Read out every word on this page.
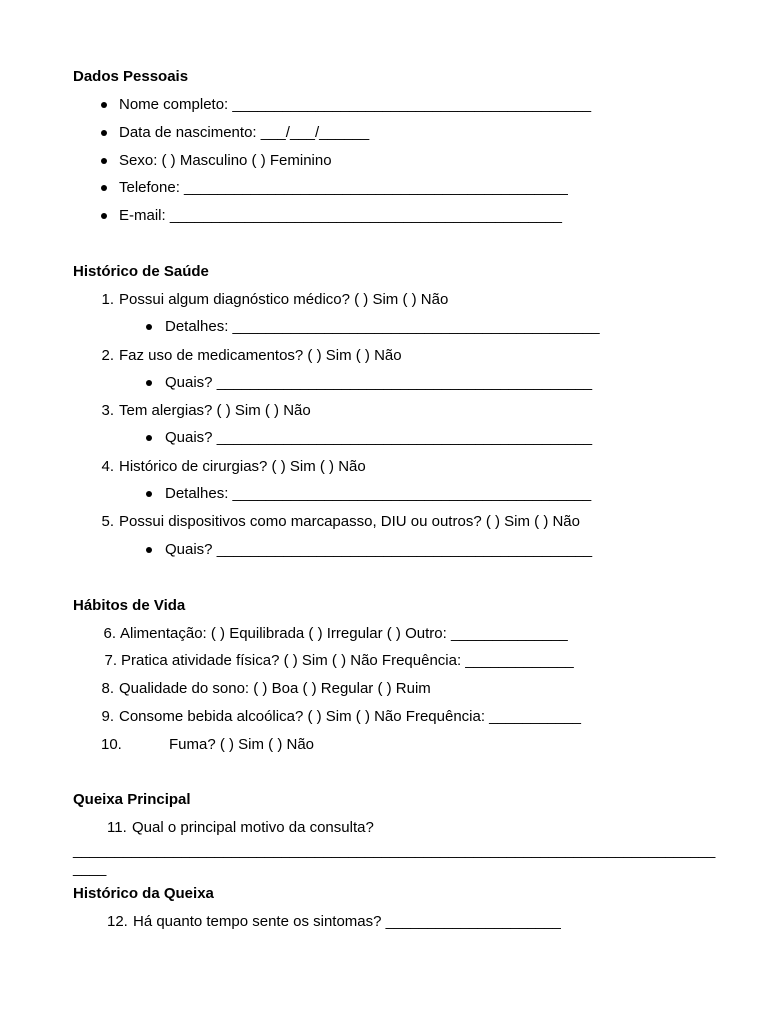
Dados Pessoais
Nome completo: ___________________________________________
Data de nascimento: ___/___/______
Sexo: ( ) Masculino ( ) Feminino
Telefone: ______________________________________________
E-mail: _______________________________________________
Histórico de Saúde
1. Possui algum diagnóstico médico? ( ) Sim ( ) Não
Detalhes: ____________________________________________
2. Faz uso de medicamentos? ( ) Sim ( ) Não
Quais? _____________________________________________
3. Tem alergias? ( ) Sim ( ) Não
Quais? _____________________________________________
4. Histórico de cirurgias? ( ) Sim ( ) Não
Detalhes: ___________________________________________
5. Possui dispositivos como marcapasso, DIU ou outros? ( ) Sim ( ) Não
Quais? _____________________________________________
Hábitos de Vida
6. Alimentação: ( ) Equilibrada ( ) Irregular ( ) Outro: ______________
7. Pratica atividade física? ( ) Sim ( ) Não Frequência: _____________
8. Qualidade do sono: ( ) Boa ( ) Regular ( ) Ruim
9. Consome bebida alcoólica? ( ) Sim ( ) Não Frequência: ___________
10.	Fuma? ( ) Sim ( ) Não
Queixa Principal
11. Qual o principal motivo da consulta?
_____________________________________________________________________________
____
Histórico da Queixa
12. Há quanto tempo sente os sintomas? _____________________
